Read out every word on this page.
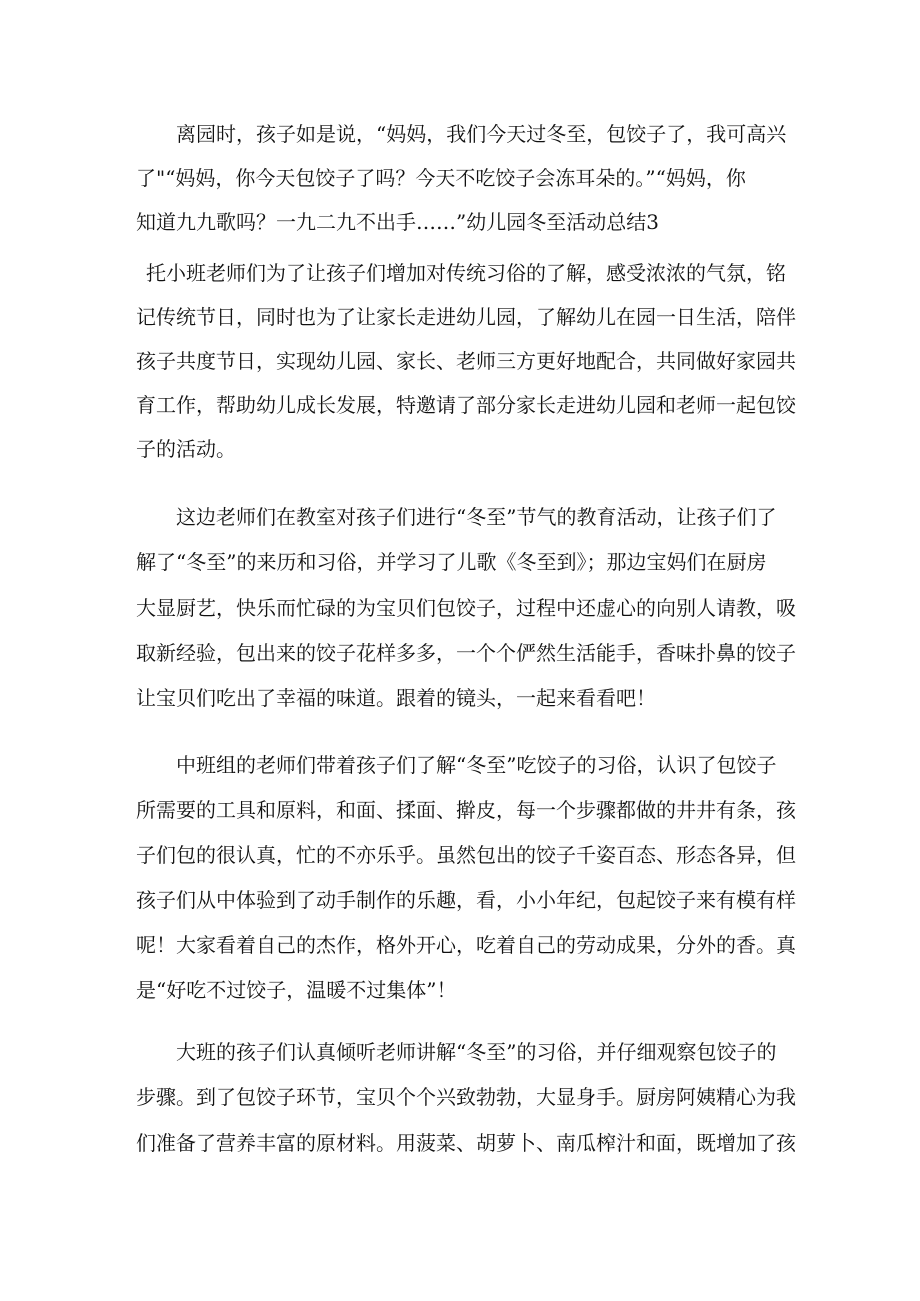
离园时，孩子如是说，“妈妈，我们今天过冬至，包饺子了，我可高兴
了"“妈妈，你今天包饺子了吗？今天不吃饺子会冻耳朵的。”“妈妈，你
知道九九歌吗？一九二九不出手……”幼儿园冬至活动总结3
托小班老师们为了让孩子们增加对传统习俗的了解，感受浓浓的气氛，铭
记传统节日，同时也为了让家长走进幼儿园，了解幼儿在园一日生活，陪伴
孩子共度节日，实现幼儿园、家长、老师三方更好地配合，共同做好家园共
育工作，帮助幼儿成长发展，特邀请了部分家长走进幼儿园和老师一起包饺
子的活动。
这边老师们在教室对孩子们进行“冬至”节气的教育活动，让孩子们了
解了“冬至”的来历和习俗，并学习了儿歌《冬至到》；那边宝妈们在厨房
大显厨艺，快乐而忙碌的为宝贝们包饺子，过程中还虚心的向别人请教，吸
取新经验，包出来的饺子花样多多，一个个俨然生活能手，香味扑鼻的饺子
让宝贝们吃出了幸福的味道。跟着的镜头，一起来看看吧！
中班组的老师们带着孩子们了解“冬至”吃饺子的习俗，认识了包饺子
所需要的工具和原料，和面、揉面、擀皮，每一个步骤都做的井井有条，孩
子们包的很认真，忙的不亦乐乎。虽然包出的饺子千姿百态、形态各异，但
孩子们从中体验到了动手制作的乐趣，看，小小年纪，包起饺子来有模有样
呢！大家看着自己的杰作，格外开心，吃着自己的劳动成果，分外的香。真
是“好吃不过饺子，温暖不过集体”！
大班的孩子们认真倾听老师讲解“冬至”的习俗，并仔细观察包饺子的
步骤。到了包饺子环节，宝贝个个兴致勃勃，大显身手。厨房阿姨精心为我
们准备了营养丰富的原材料。用菠菜、胡萝卜、南瓜榨汁和面，既增加了孩
